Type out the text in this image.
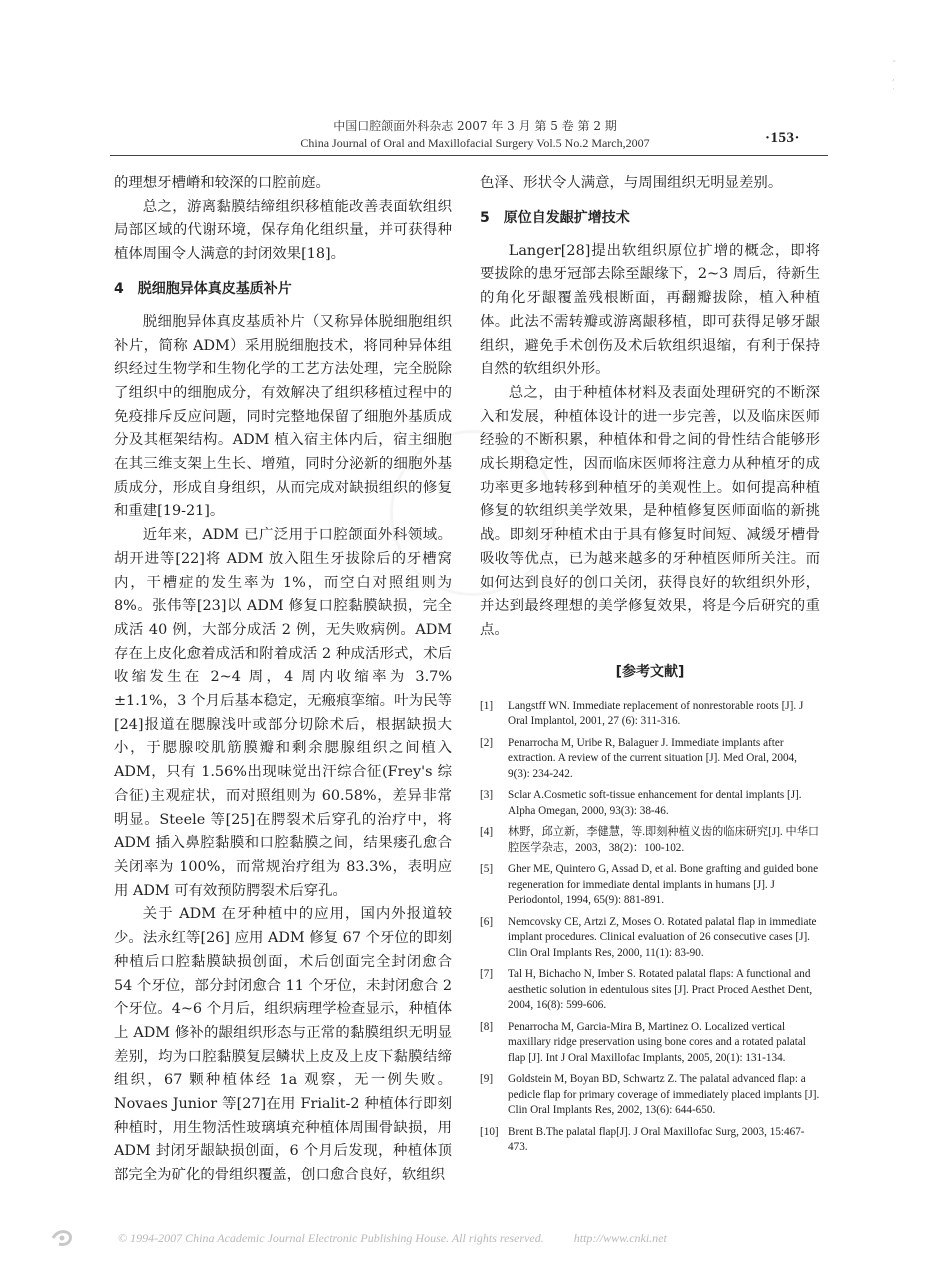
ˇ
,
·
中国口腔颌面外科杂志 2007 年 3 月 第 5 卷 第 2 期
China Journal of Oral and Maxillofacial Surgery Vol.5 No.2 March,2007	·153·

的理想牙槽嵴和较深的口腔前庭。

总之，游离黏膜结缔组织移植能改善表面软组织局部区域的代谢环境，保存角化组织量，并可获得种植体周围令人满意的封闭效果[18]。

4 脱细胞异体真皮基质补片

脱细胞异体真皮基质补片（又称异体脱细胞组织补片，简称 ADM）采用脱细胞技术，将同种异体组织经过生物学和生物化学的工艺方法处理，完全脱除了组织中的细胞成分，有效解决了组织移植过程中的免疫排斥反应问题，同时完整地保留了细胞外基质成分及其框架结构。ADM 植入宿主体内后，宿主细胞在其三维支架上生长、增殖，同时分泌新的细胞外基质成分，形成自身组织，从而完成对缺损组织的修复和重建[19-21]。

近年来，ADM 已广泛用于口腔颌面外科领域。胡开进等[22]将 ADM 放入阻生牙拔除后的牙槽窝内，干槽症的发生率为 1%，而空白对照组则为 8%。张伟等[23]以 ADM 修复口腔黏膜缺损，完全成活 40 例，大部分成活 2 例，无失败病例。ADM 存在上皮化愈着成活和附着成活 2 种成活形式，术后收缩发生在 2~4 周，4 周内收缩率为 3.7%±1.1%，3 个月后基本稳定，无瘢痕挛缩。叶为民等[24]报道在腮腺浅叶或部分切除术后，根据缺损大小，于腮腺咬肌筋膜瓣和剩余腮腺组织之间植入 ADM，只有 1.56%出现味觉出汗综合征(Frey's 综合征)主观症状，而对照组则为 60.58%，差异非常明显。Steele 等[25]在腭裂术后穿孔的治疗中，将 ADM 插入鼻腔黏膜和口腔黏膜之间，结果瘘孔愈合关闭率为 100%，而常规治疗组为 83.3%，表明应用 ADM 可有效预防腭裂术后穿孔。

关于 ADM 在牙种植中的应用，国内外报道较少。法永红等[26] 应用 ADM 修复 67 个牙位的即刻种植后口腔黏膜缺损创面，术后创面完全封闭愈合 54 个牙位，部分封闭愈合 11 个牙位，未封闭愈合 2 个牙位。4~6 个月后，组织病理学检查显示，种植体上 ADM 修补的龈组织形态与正常的黏膜组织无明显差别，均为口腔黏膜复层鳞状上皮及上皮下黏膜结缔组织，67 颗种植体经 1a 观察，无一例失败。Novaes Junior 等[27]在用 Frialit-2 种植体行即刻种植时，用生物活性玻璃填充种植体周围骨缺损，用 ADM 封闭牙龈缺损创面，6 个月后发现，种植体顶部完全为矿化的骨组织覆盖，创口愈合良好，软组织

色泽、形状令人满意，与周围组织无明显差别。

5 原位自发龈扩增技术

Langer[28]提出软组织原位扩增的概念，即将要拔除的患牙冠部去除至龈缘下，2~3 周后，待新生的角化牙龈覆盖残根断面，再翻瓣拔除，植入种植体。此法不需转瓣或游离龈移植，即可获得足够牙龈组织，避免手术创伤及术后软组织退缩，有利于保持自然的软组织外形。

总之，由于种植体材料及表面处理研究的不断深入和发展，种植体设计的进一步完善，以及临床医师经验的不断积累，种植体和骨之间的骨性结合能够形成长期稳定性，因而临床医师将注意力从种植牙的成功率更多地转移到种植牙的美观性上。如何提高种植修复的软组织美学效果，是种植修复医师面临的新挑战。即刻牙种植术由于具有修复时间短、减缓牙槽骨吸收等优点，已为越来越多的牙种植医师所关注。而如何达到良好的创口关闭，获得良好的软组织外形，并达到最终理想的美学修复效果，将是今后研究的重点。

[参考文献]
[1]	Langstff WN. Immediate replacement of nonrestorable roots [J]. J Oral Implantol, 2001, 27 (6): 311-316.
[2]	Penarrocha M, Uribe R, Balaguer J. Immediate implants after extraction. A review of the current situation [J]. Med Oral, 2004, 9(3): 234-242.
[3]	Sclar A.Cosmetic soft-tissue enhancement for dental implants [J]. Alpha Omegan, 2000, 93(3): 38-46.
[4]	林野，邱立新，李健慧，等.即刻种植义齿的临床研究[J]. 中华口腔医学杂志，2003，38(2)：100-102.
[5]	Gher ME, Quintero G, Assad D, et al. Bone grafting and guided bone regeneration for immediate dental implants in humans [J]. J Periodontol, 1994, 65(9): 881-891.
[6]	Nemcovsky CE, Artzi Z, Moses O. Rotated palatal flap in immediate implant procedures. Clinical evaluation of 26 consecutive cases [J]. Clin Oral Implants Res, 2000, 11(1): 83-90.
[7]	Tal H, Bichacho N, Imber S. Rotated palatal flaps: A functional and aesthetic solution in edentulous sites [J]. Pract Proced Aesthet Dent, 2004, 16(8): 599-606.
[8]	Penarrocha M, Garcia-Mira B, Martinez O. Localized vertical maxillary ridge preservation using bone cores and a rotated palatal flap [J]. Int J Oral Maxillofac Implants, 2005, 20(1): 131-134.
[9]	Goldstein M, Boyan BD, Schwartz Z. The palatal advanced flap: a pedicle flap for primary coverage of immediately placed implants [J]. Clin Oral Implants Res, 2002, 13(6): 644-650.
[10] Brent B.The palatal flap[J]. J Oral Maxillofac Surg, 2003, 15:467-473.
© 1994-2007 China Academic Journal Electronic Publishing House. All rights reserved.	http://www.cnki.net
